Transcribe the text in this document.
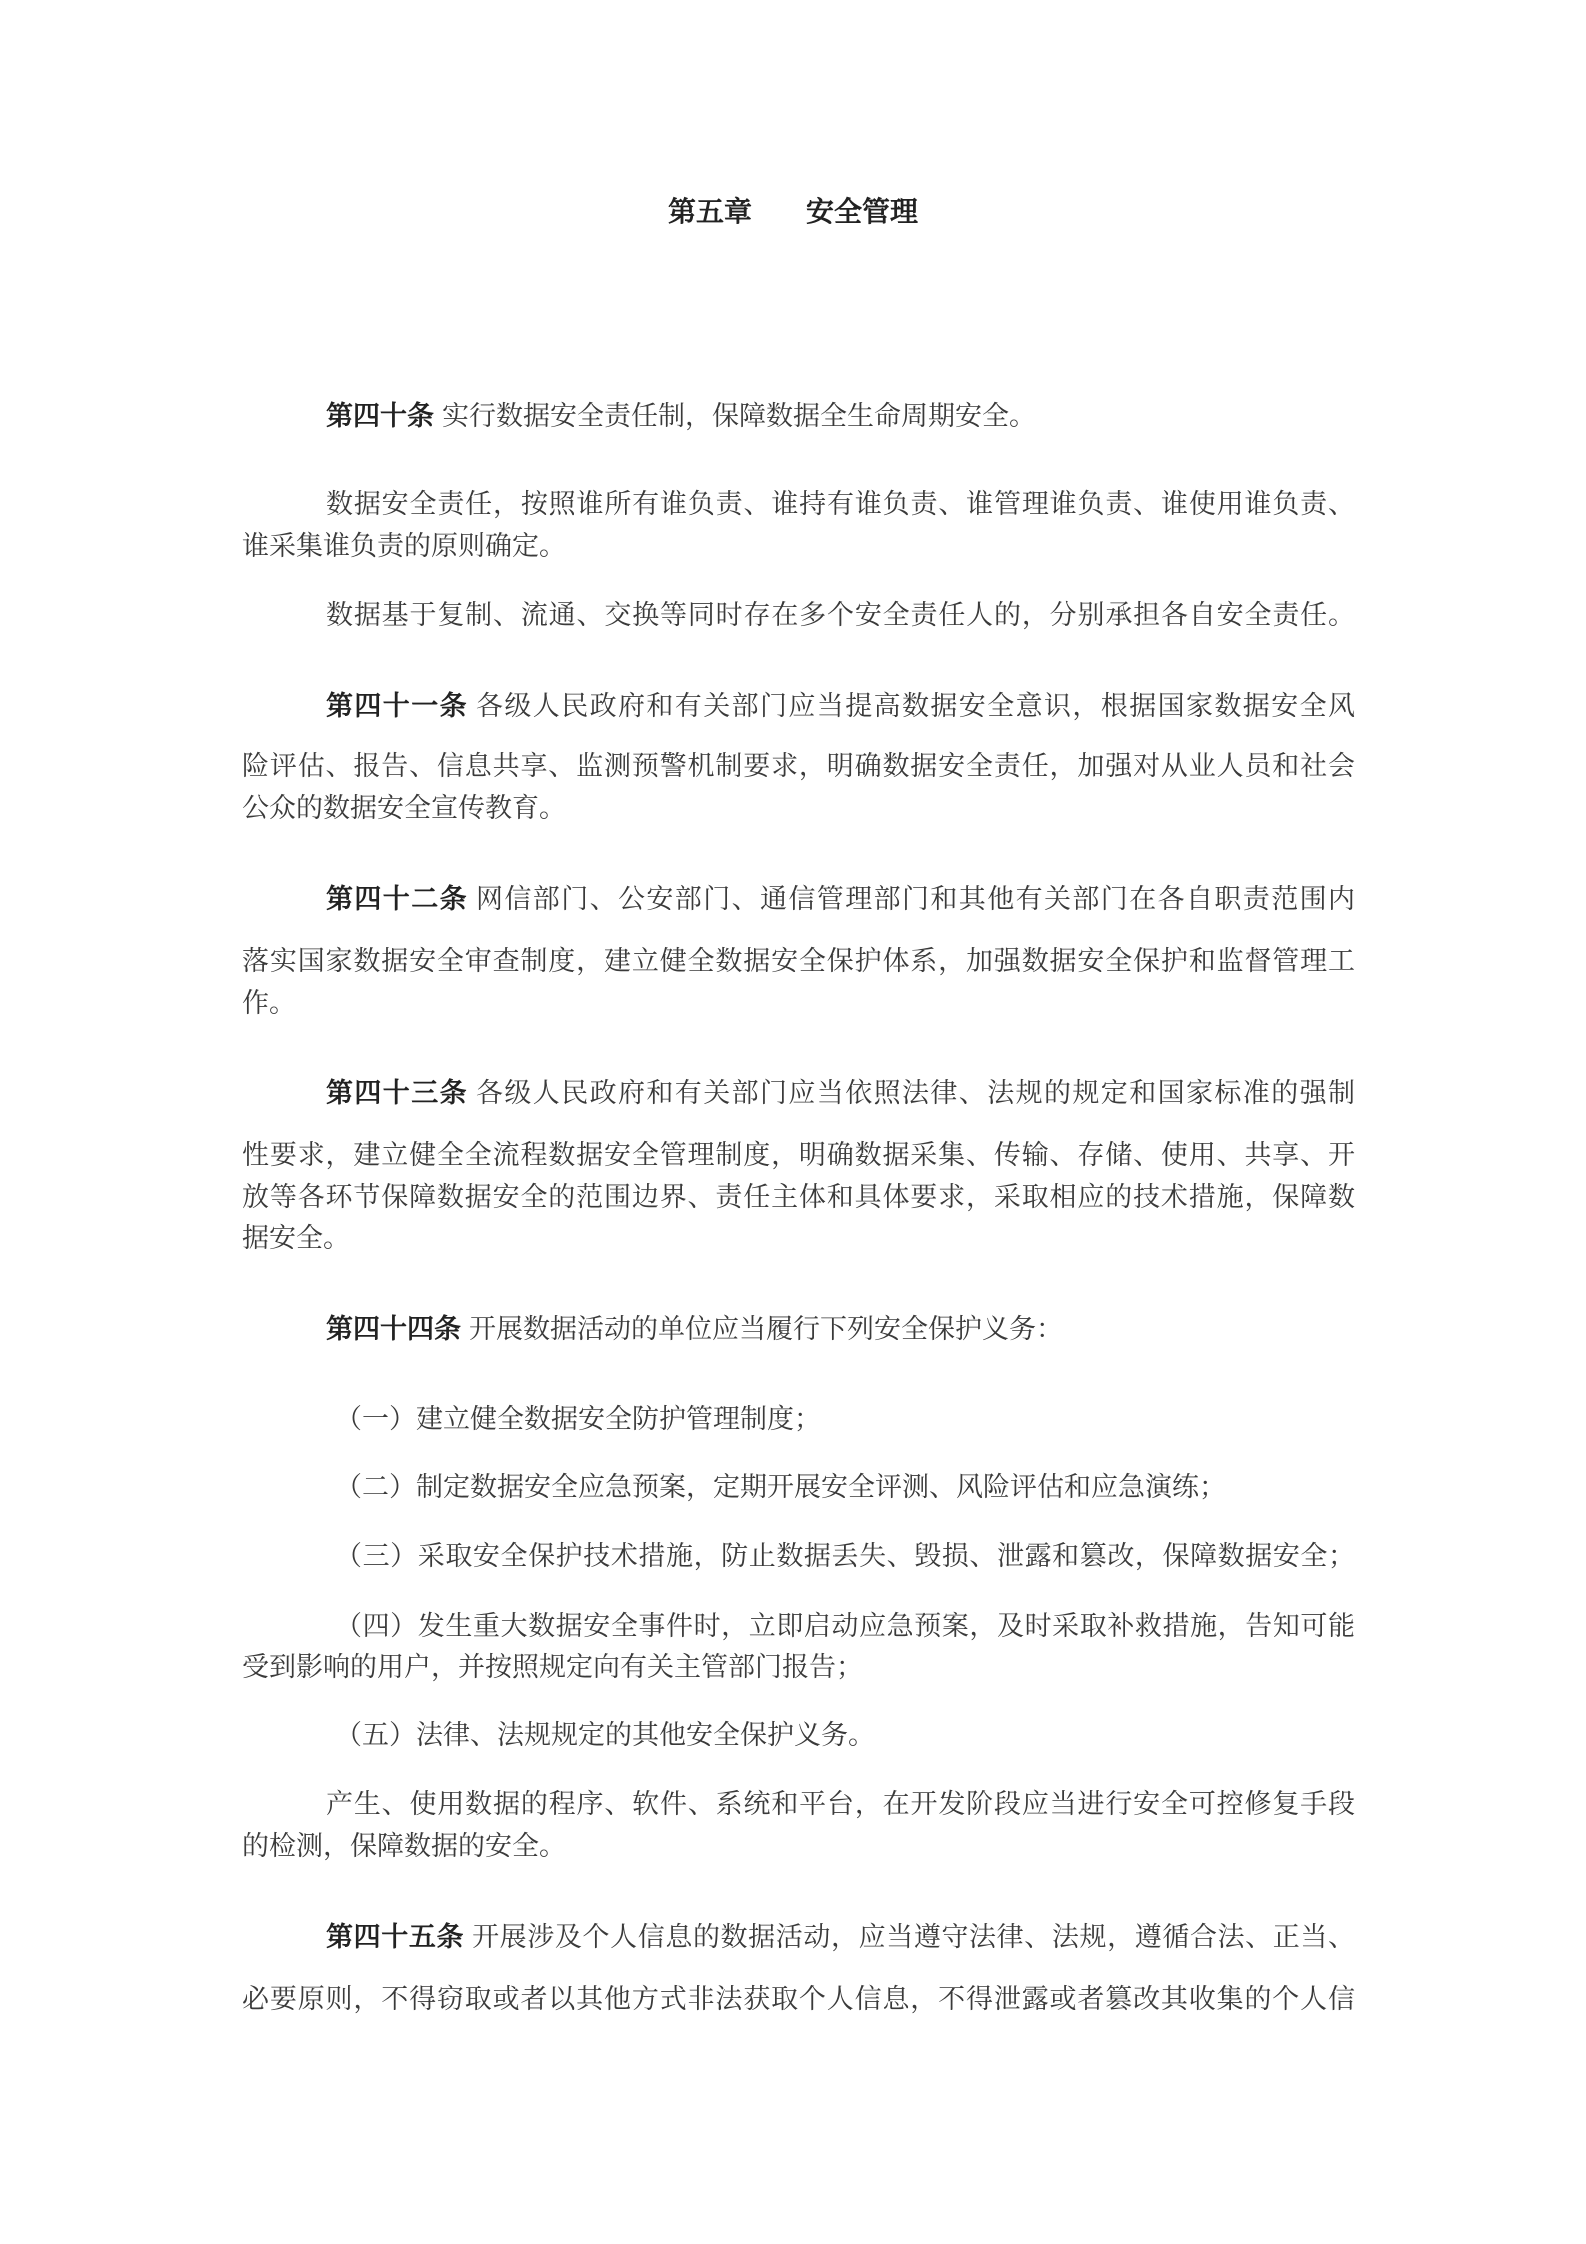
第五章 安全管理
第四十条 实行数据安全责任制，保障数据全生命周期安全。
数据安全责任，按照谁所有谁负责、谁持有谁负责、谁管理谁负责、谁使用谁负责、
谁采集谁负责的原则确定。
数据基于复制、流通、交换等同时存在多个安全责任人的，分别承担各自安全责任。
第四十一条 各级人民政府和有关部门应当提高数据安全意识，根据国家数据安全风
险评估、报告、信息共享、监测预警机制要求，明确数据安全责任，加强对从业人员和社会
公众的数据安全宣传教育。
第四十二条 网信部门、公安部门、通信管理部门和其他有关部门在各自职责范围内
落实国家数据安全审查制度，建立健全数据安全保护体系，加强数据安全保护和监督管理工
作。
第四十三条 各级人民政府和有关部门应当依照法律、法规的规定和国家标准的强制
性要求，建立健全全流程数据安全管理制度，明确数据采集、传输、存储、使用、共享、开
放等各环节保障数据安全的范围边界、责任主体和具体要求，采取相应的技术措施，保障数
据安全。
第四十四条 开展数据活动的单位应当履行下列安全保护义务：
（一）建立健全数据安全防护管理制度；
（二）制定数据安全应急预案，定期开展安全评测、风险评估和应急演练；
（三）采取安全保护技术措施，防止数据丢失、毁损、泄露和篡改，保障数据安全；
（四）发生重大数据安全事件时，立即启动应急预案，及时采取补救措施，告知可能
受到影响的用户，并按照规定向有关主管部门报告；
（五）法律、法规规定的其他安全保护义务。
产生、使用数据的程序、软件、系统和平台，在开发阶段应当进行安全可控修复手段
的检测，保障数据的安全。
第四十五条 开展涉及个人信息的数据活动，应当遵守法律、法规，遵循合法、正当、
必要原则，不得窃取或者以其他方式非法获取个人信息，不得泄露或者篡改其收集的个人信
